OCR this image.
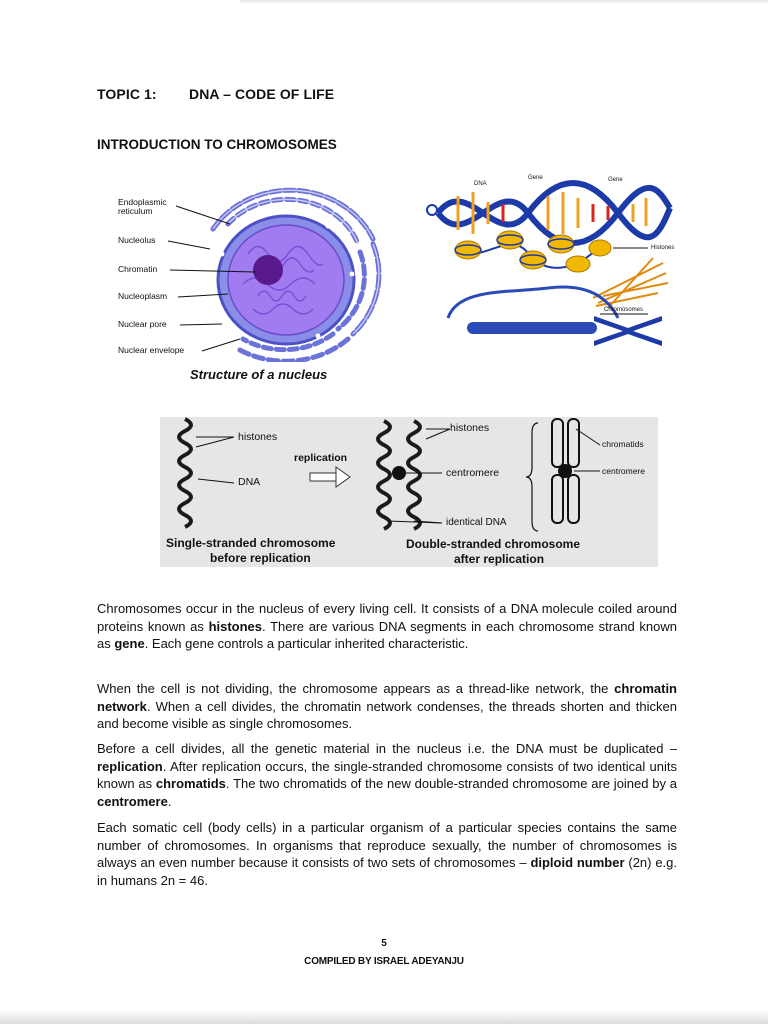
TOPIC 1: DNA – CODE OF LIFE
INTRODUCTION TO CHROMOSOMES
Endoplasmic
reticulum
Nucleolus
Chromatin
Nucleoplasm
Nuclear pore
Nuclear envelope
Structure of a nucleus
DNA
Gene	Gene
Histones
Chromosomes
histones
DNA
replication
histones
centromere
identical DNA
chromatids
centromere
Single-stranded chromosome
before replication
Double-stranded chromosome
after replication
Chromosomes occur in the nucleus of every living cell. It consists of a DNA molecule coiled around proteins known as histones. There are various DNA segments in each chromosome strand known as gene. Each gene controls a particular inherited characteristic.
When the cell is not dividing, the chromosome appears as a thread-like network, the chromatin network. When a cell divides, the chromatin network condenses, the threads shorten and thicken and become visible as single chromosomes.
Before a cell divides, all the genetic material in the nucleus i.e. the DNA must be duplicated – replication. After replication occurs, the single-stranded chromosome consists of two identical units known as chromatids. The two chromatids of the new double-stranded chromosome are joined by a centromere.
Each somatic cell (body cells) in a particular organism of a particular species contains the same number of chromosomes. In organisms that reproduce sexually, the number of chromosomes is always an even number because it consists of two sets of chromosomes – diploid number (2n) e.g. in humans 2n = 46.
5
COMPILED BY ISRAEL ADEYANJU
